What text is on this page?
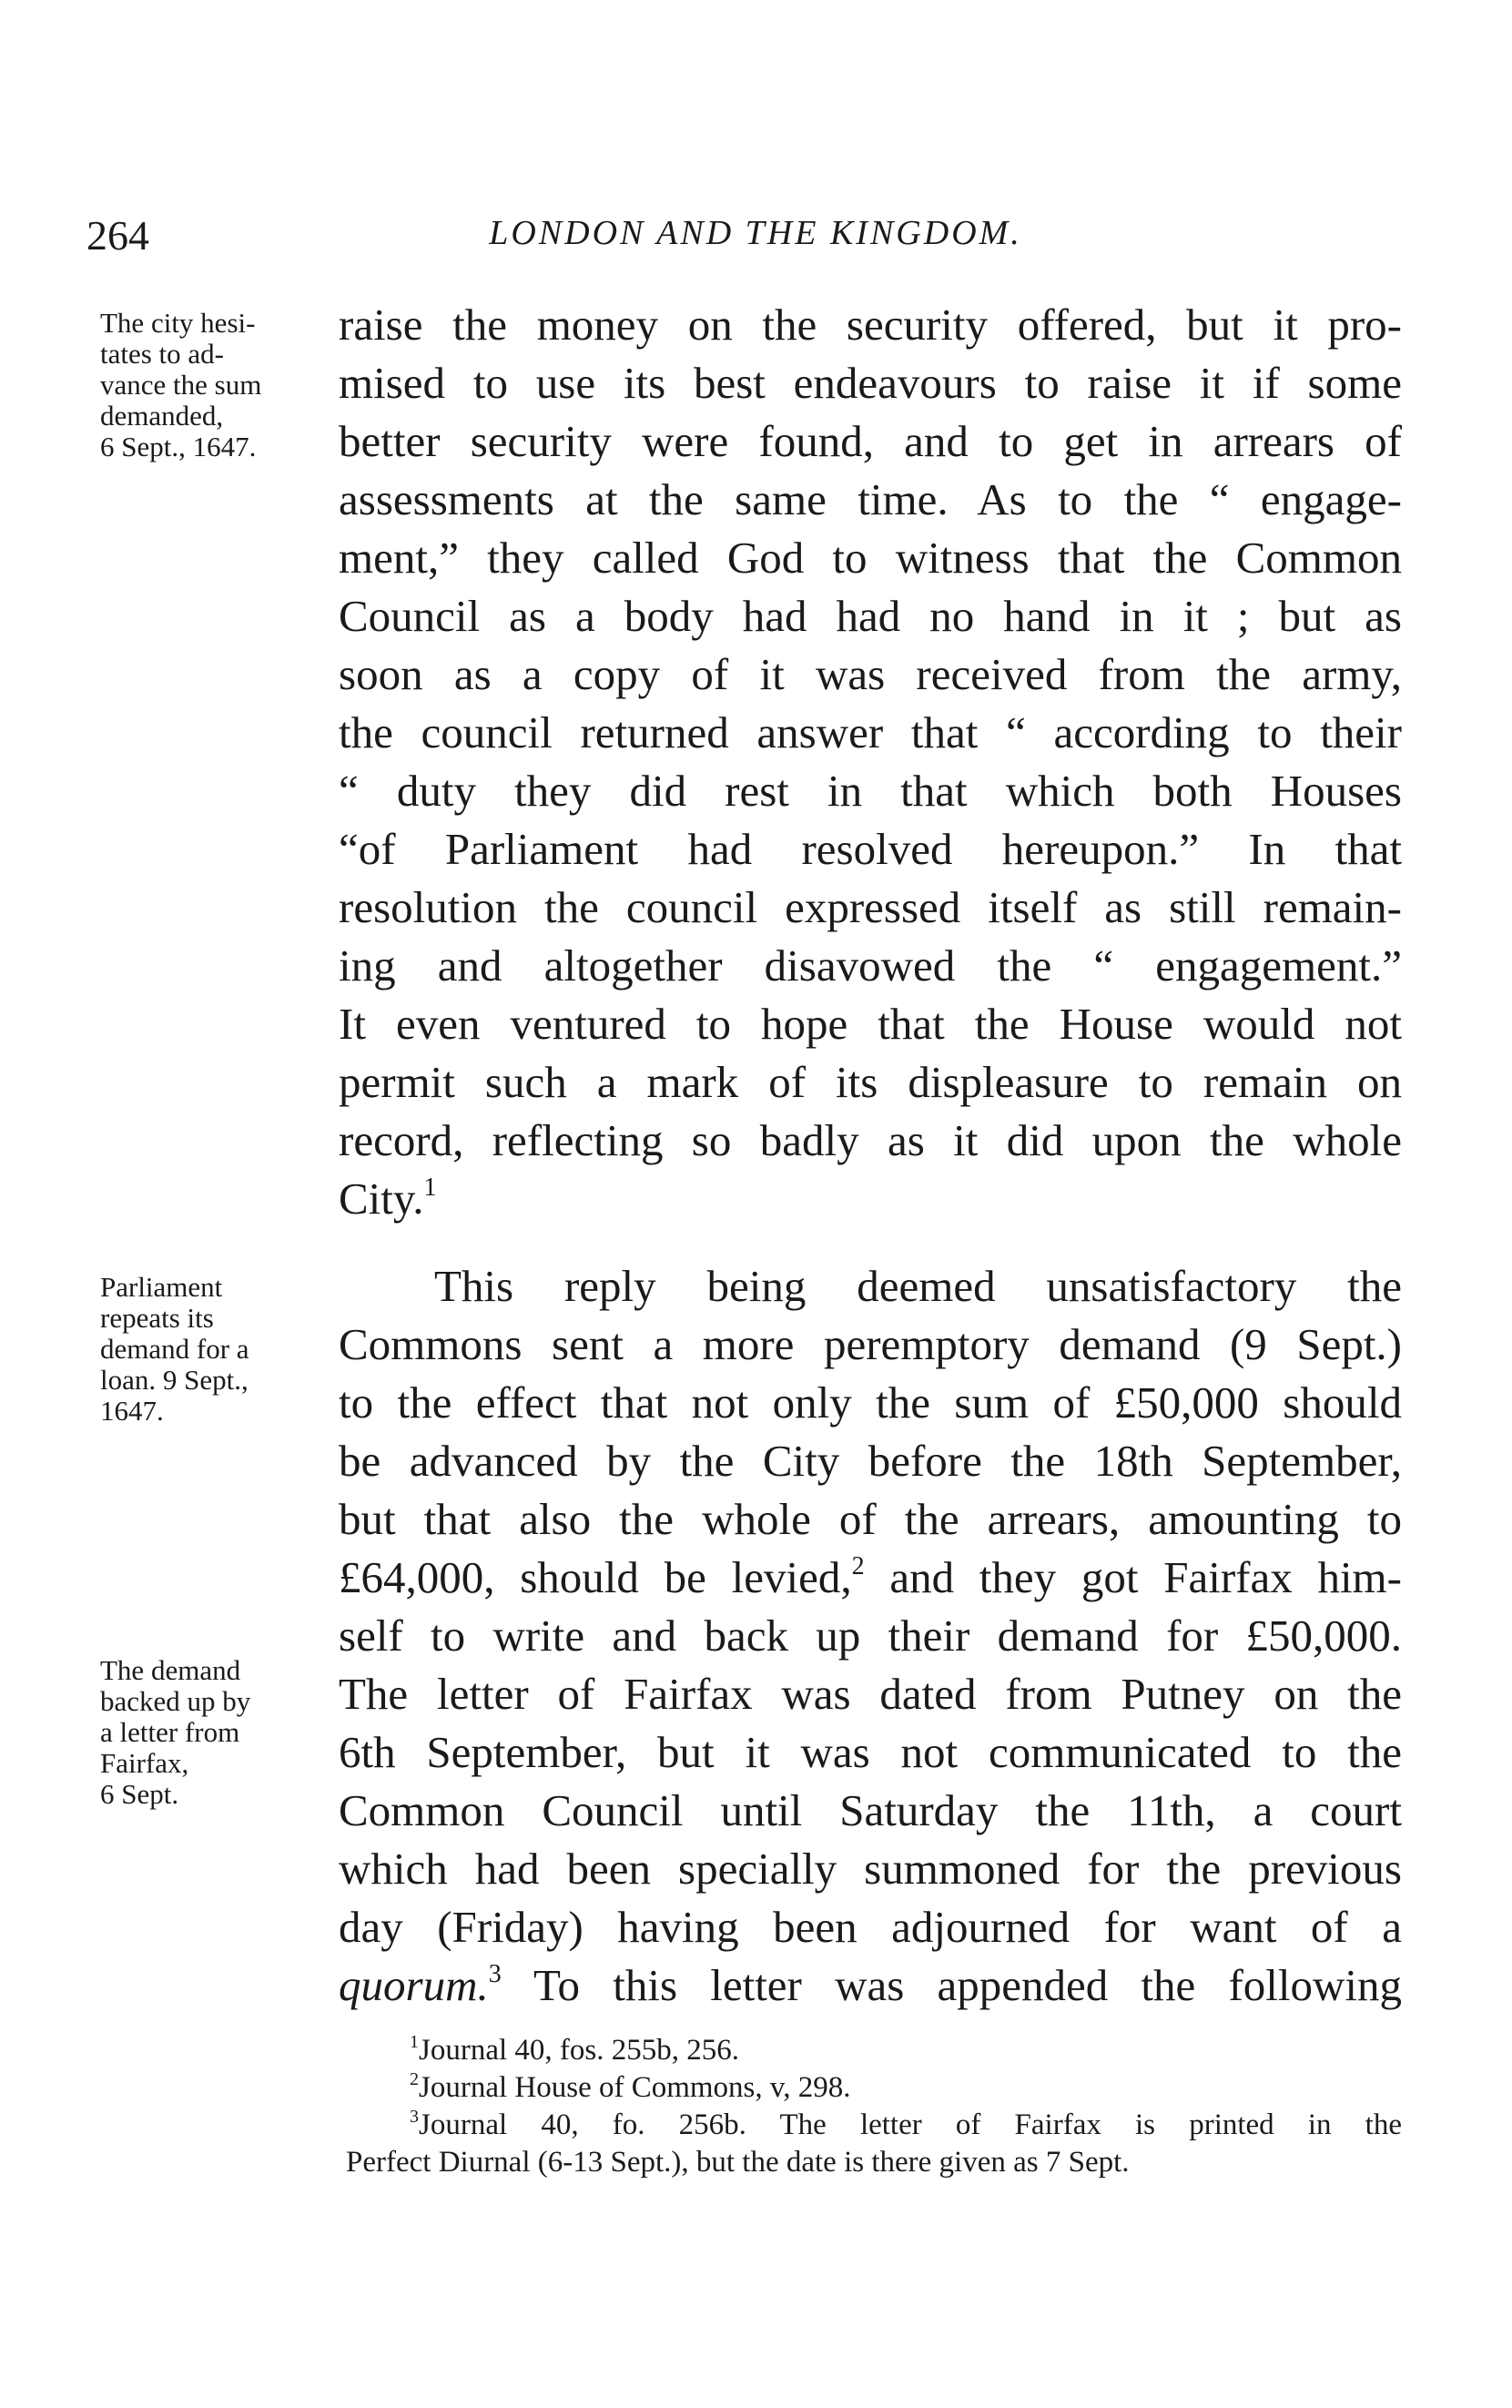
264	LONDON AND THE KINGDOM.
The city hesi-
tates to ad-
vance the sum
demanded,
6 Sept., 1647.
Parliament
repeats its
demand for a
loan. 9 Sept.,
1647.
The demand
backed up by
a letter from
Fairfax,
6 Sept.
raise the money on the security offered, but it pro-
mised to use its best endeavours to raise it if some
better security were found, and to get in arrears of
assessments at the same time. As to the “ engage-
ment,” they called God to witness that the Common
Council as a body had had no hand in it ; but as
soon as a copy of it was received from the army,
the council returned answer that “ according to their
“ duty they did rest in that which both Houses
“of Parliament had resolved hereupon.” In that
resolution the council expressed itself as still remain-
ing and altogether disavowed the “ engagement.”
It even ventured to hope that the House would not
permit such a mark of its displeasure to remain on
record, reflecting so badly as it did upon the whole
City.$^1$
This reply being deemed unsatisfactory the
Commons sent a more peremptory demand (9 Sept.)
to the effect that not only the sum of £50,000 should
be advanced by the City before the 18th September,
but that also the whole of the arrears, amounting to
£64,000, should be levied,$^2$ and they got Fairfax him-
self to write and back up their demand for £50,000.
The letter of Fairfax was dated from Putney on the
6th September, but it was not communicated to the
Common Council until Saturday the 11th, a court
which had been specially summoned for the previous
day (Friday) having been adjourned for want of a
quorum.$^3$ To this letter was appended the following
$^1$Journal 40, fos. 255b, 256.
$^2$Journal House of Commons, v, 298.
$^3$Journal 40, fo. 256b. The letter of Fairfax is printed in the
Perfect Diurnal (6-13 Sept.), but the date is there given as 7 Sept.
